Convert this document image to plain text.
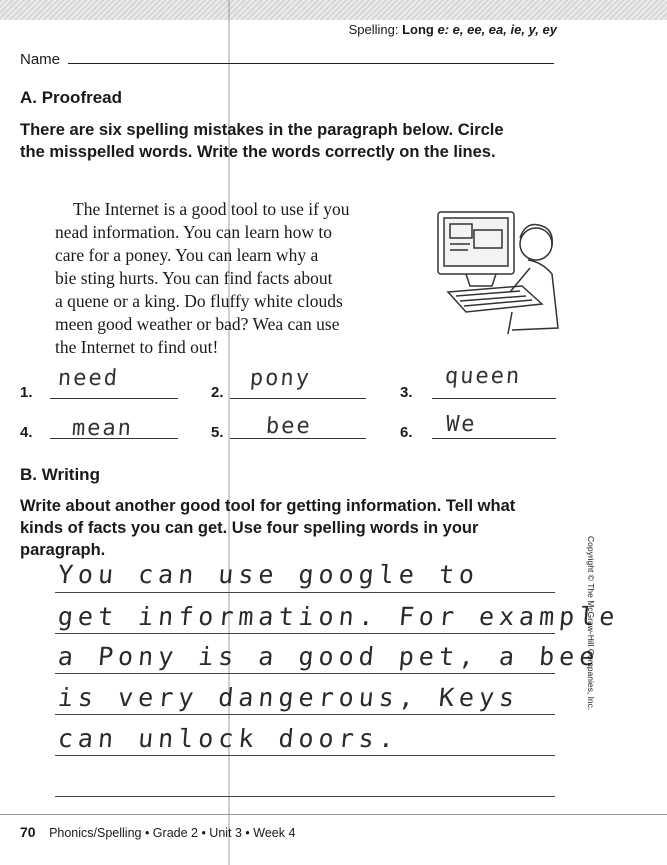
Spelling: Long e: e, ee, ea, ie, y, ey
Name
A. Proofread
There are six spelling mistakes in the paragraph below. Circle the misspelled words. Write the words correctly on the lines.

The Internet is a good tool to use if you

nead information. You can learn how to

care for a poney. You can learn why a

bie sting hurts. You can find facts about

a quene or a king. Do fluffy white clouds

meen good weather or bad? Wea can use

the Internet to find out!

1.
need
2.
pony
3.
queen
4. mean	5. bee	6. We
B. Writing
Write about another good tool for getting information. Tell what kinds of facts you can get. Use four spelling words in your paragraph.
You can use google to
get information. For example
a Pony is a good pet, a bee
is very dangerous, Keys
can unlock doors.
Copyright © The McGraw-Hill Companies, Inc.
70 Phonics/Spelling • Grade 2 • Unit 3 • Week 4
